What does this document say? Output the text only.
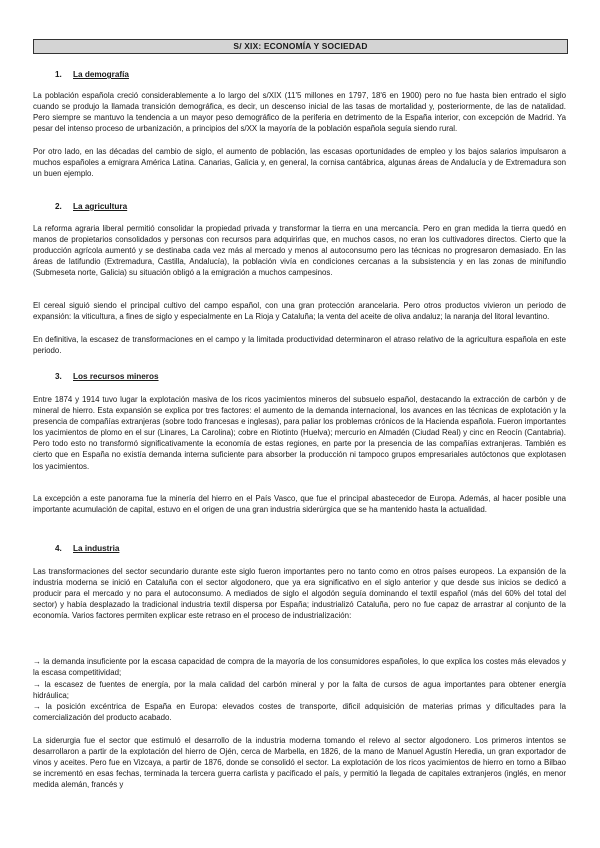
S/ XIX: ECONOMÍA Y SOCIEDAD
1. La demografía

La población española creció considerablemente a lo largo del s/XIX (11'5 millones en 1797, 18'6 en 1900) pero no fue hasta bien entrado el siglo cuando se produjo la llamada transición demográfica, es decir, un descenso inicial de las tasas de mortalidad y, posteriormente, de las de natalidad. Pero siempre se mantuvo la tendencia a un mayor peso demográfico de la periferia en detrimento de la España interior, con excepción de Madrid. Ya pesar del intenso proceso de urbanización, a principios del s/XX la mayoría de la población española seguía siendo rural.

Por otro lado, en las décadas del cambio de siglo, el aumento de población, las escasas oportunidades de empleo y los bajos salarios impulsaron a muchos españoles a emigrara América Latina. Canarias, Galicia y, en general, la cornisa cantábrica, algunas áreas de Andalucía y de Extremadura son un buen ejemplo.

2. La agricultura

La reforma agraria liberal permitió consolidar la propiedad privada y transformar la tierra en una mercancía. Pero en gran medida la tierra quedó en manos de propietarios consolidados y personas con recursos para adquirirlas que, en muchos casos, no eran los cultivadores directos. Cierto que la producción agrícola aumentó y se destinaba cada vez más al mercado y menos al autoconsumo pero las técnicas no progresaron demasiado. En las áreas de latifundio (Extremadura, Castilla, Andalucía), la población vivía en condiciones cercanas a la subsistencia y en las zonas de minifundio (Submeseta norte, Galicia) su situación obligó a la emigración a muchos campesinos.

El cereal siguió siendo el principal cultivo del campo español, con una gran protección arancelaria. Pero otros productos vivieron un periodo de expansión: la viticultura, a fines de siglo y especialmente en La Rioja y Cataluña; la venta del aceite de oliva andaluz; la naranja del litoral levantino.

En definitiva, la escasez de transformaciones en el campo y la limitada productividad determinaron el atraso relativo de la agricultura española en este periodo.

3. Los recursos mineros

Entre 1874 y 1914 tuvo lugar la explotación masiva de los ricos yacimientos mineros del subsuelo español, destacando la extracción de carbón y de mineral de hierro. Esta expansión se explica por tres factores: el aumento de la demanda internacional, los avances en las técnicas de explotación y la presencia de compañías extranjeras (sobre todo francesas e inglesas), para paliar los problemas crónicos de la Hacienda española. Fueron importantes los yacimientos de plomo en el sur (Linares, La Carolina); cobre en Riotinto (Huelva); mercurio en Almadén (Ciudad Real) y cinc en Reocín (Cantabria). Pero todo esto no transformó significativamente la economía de estas regiones, en parte por la presencia de las compañías extranjeras. También es cierto que en España no existía demanda interna suficiente para absorber la producción ni tampoco grupos empresariales autóctonos que explotasen los yacimientos.

La excepción a este panorama fue la minería del hierro en el País Vasco, que fue el principal abastecedor de Europa. Además, al hacer posible una importante acumulación de capital, estuvo en el origen de una gran industria siderúrgica que se ha mantenido hasta la actualidad.

4. La industria

Las transformaciones del sector secundario durante este siglo fueron importantes pero no tanto como en otros países europeos. La expansión de la industria moderna se inició en Cataluña con el sector algodonero, que ya era significativo en el siglo anterior y que desde sus inicios se dedicó a producir para el mercado y no para el autoconsumo. A mediados de siglo el algodón seguía dominando el textil español (más del 60% del total del sector) y había desplazado la tradicional industria textil dispersa por España; industrializó Cataluña, pero no fue capaz de arrastrar al conjunto de la economía. Varios factores permiten explicar este retraso en el proceso de industrialización:

→ la demanda insuficiente por la escasa capacidad de compra de la mayoría de los consumidores españoles, lo que explica los costes más elevados y la escasa competitividad;

→ la escasez de fuentes de energía, por la mala calidad del carbón mineral y por la falta de cursos de agua importantes para obtener energía hidráulica;

→ la posición excéntrica de España en Europa: elevados costes de transporte, dificil adquisición de materias primas y dificultades para la comercialización del producto acabado.

La siderurgia fue el sector que estimuló el desarrollo de la industria moderna tomando el relevo al sector algodonero. Los primeros intentos se desarrollaron a partir de la explotación del hierro de Ojén, cerca de Marbella, en 1826, de la mano de Manuel Agustín Heredia, un gran exportador de vinos y aceites. Pero fue en Vizcaya, a partir de 1876, donde se consolidó el sector. La explotación de los ricos yacimientos de hierro en torno a Bilbao se incrementó en esas fechas, terminada la tercera guerra carlista y pacificado el país, y permitió la llegada de capitales extranjeros (inglés, en menor medida alemán, francés y
